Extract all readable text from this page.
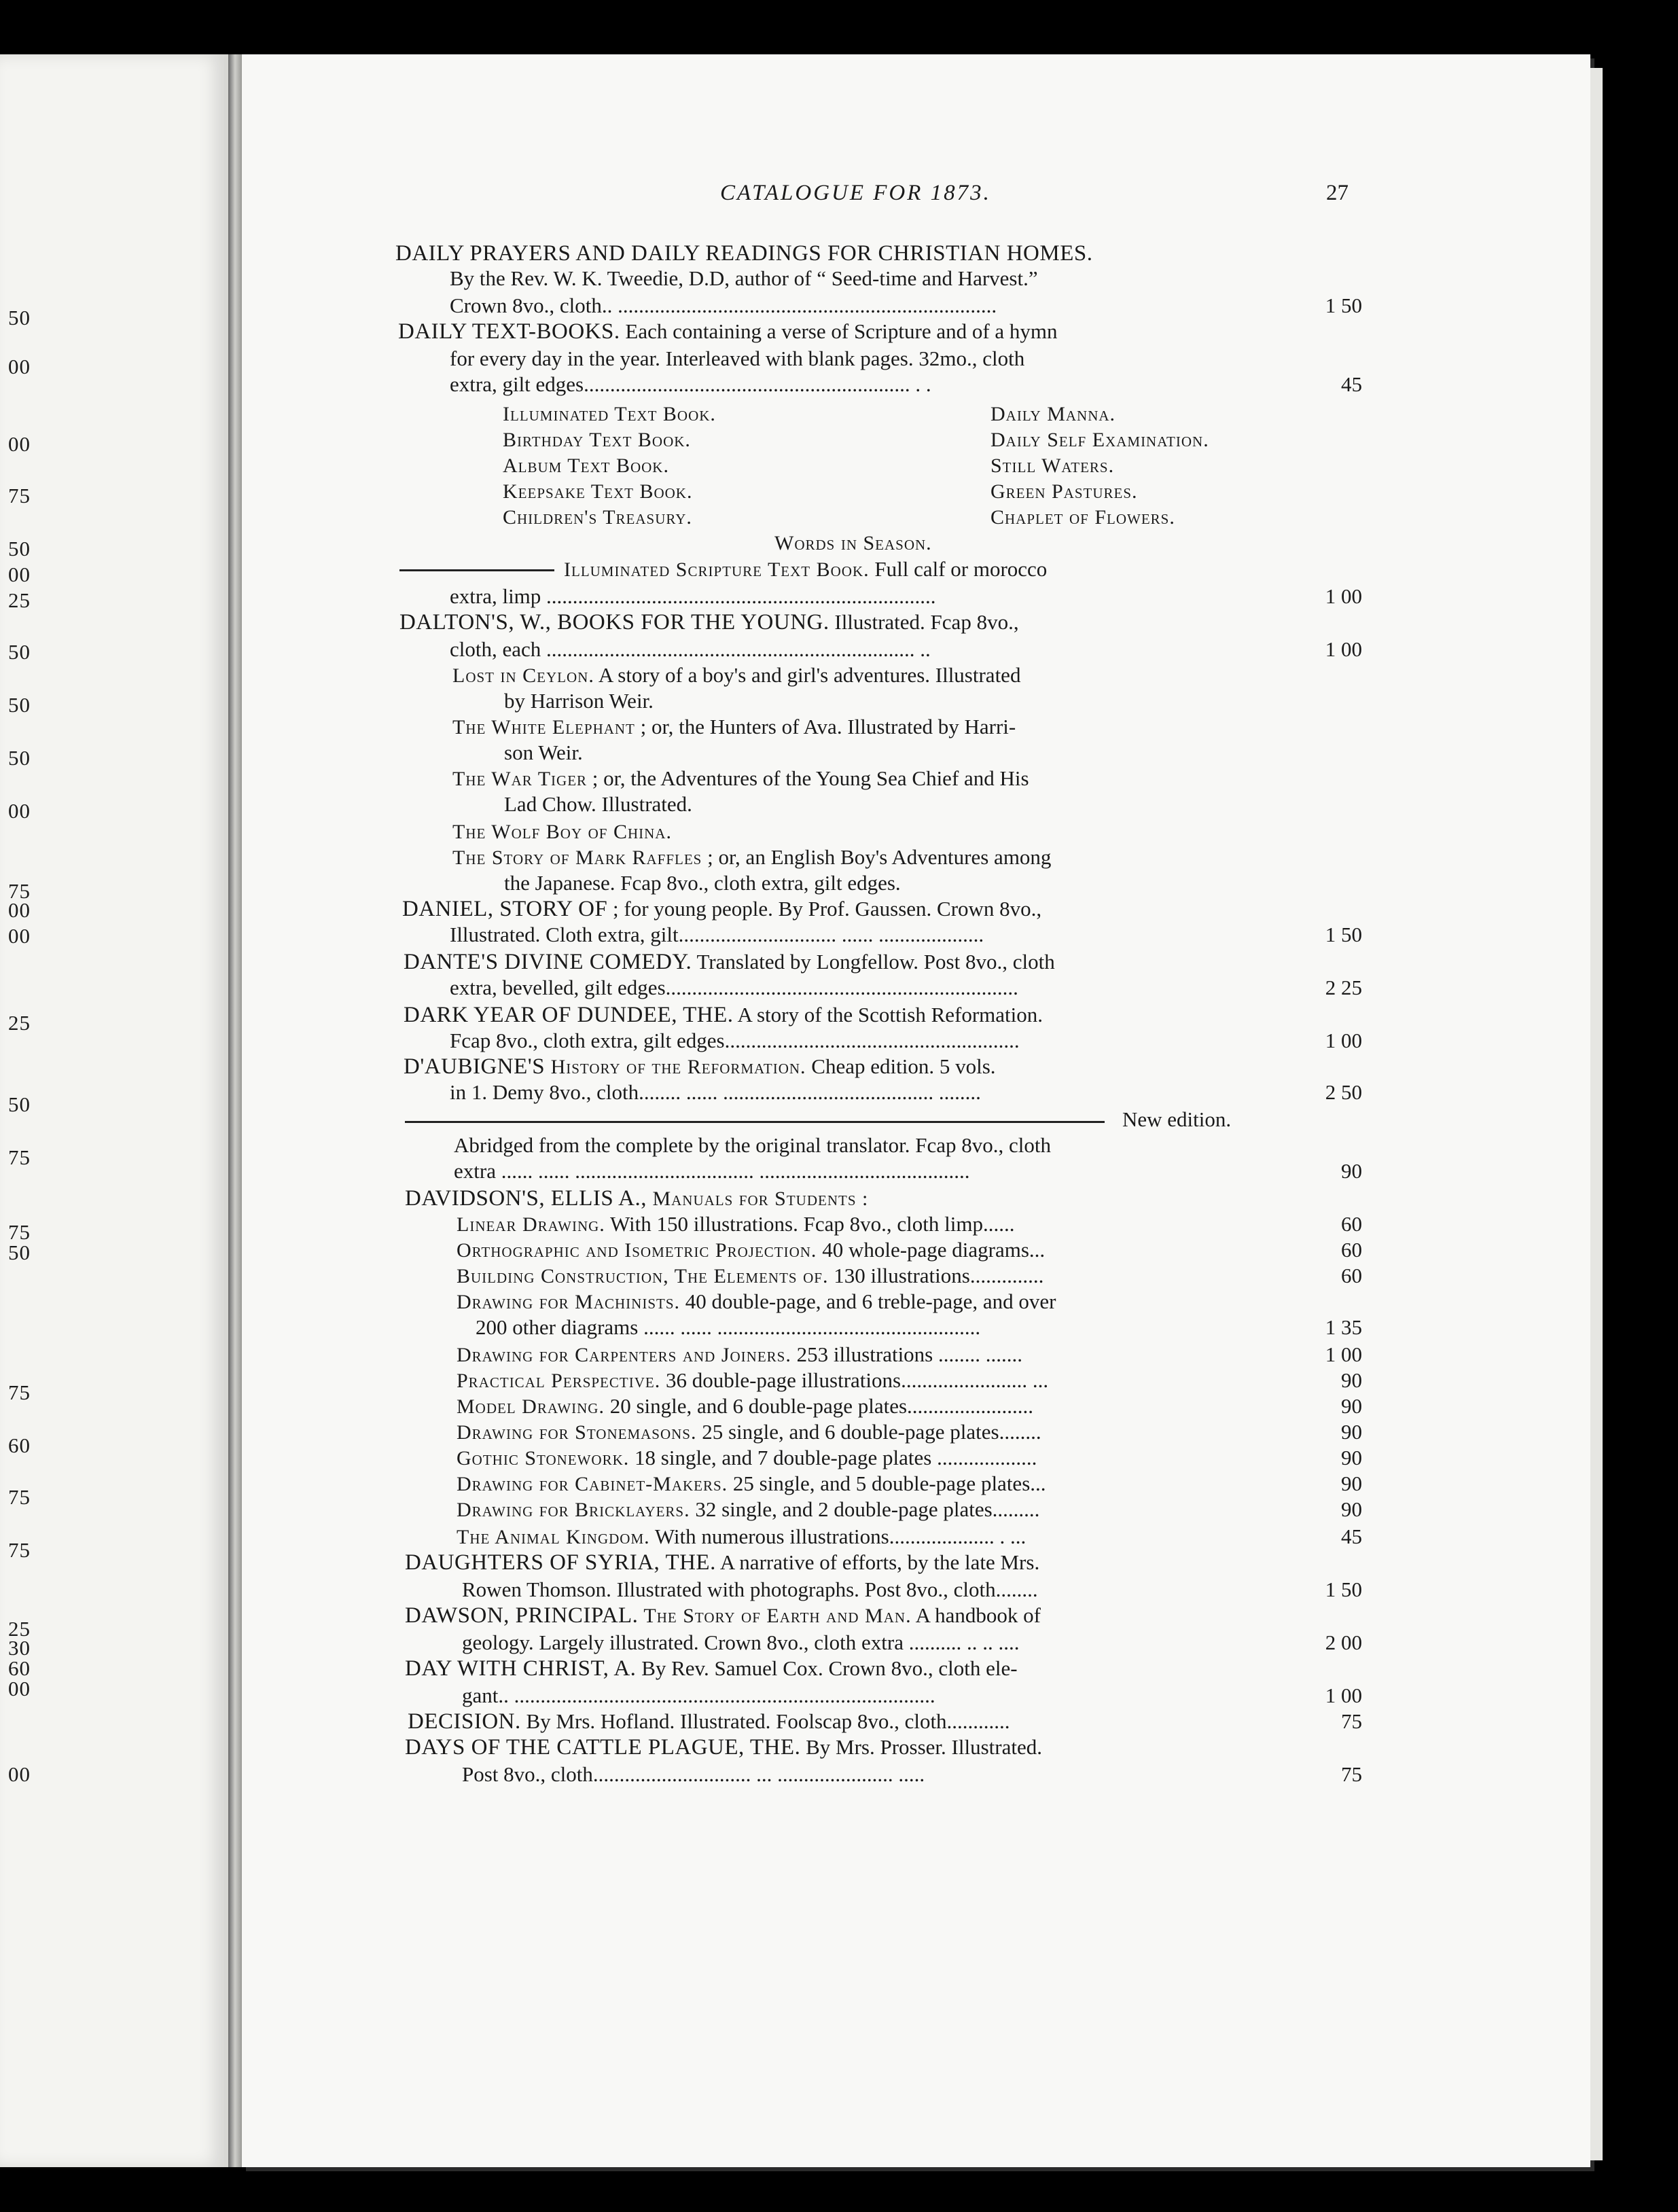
50
00
00
75
50
00
25
50
50
50
00
75
00
00
25
50
75
75
50
75
60
75
75
25
30
60
00
00
CATALOGUE FOR 1873.	27
DAILY PRAYERS AND DAILY READINGS FOR CHRISTIAN HOMES.
By the Rev. W. K. Tweedie, D.D, author of “ Seed-time and Harvest.”
Crown 8vo., cloth.. ........................................................................	1 50
DAILY TEXT-BOOKS. Each containing a verse of Scripture and of a hymn
for every day in the year. Interleaved with blank pages. 32mo., cloth
extra, gilt edges.............................................................. . .	45
Illuminated Text Book.	Daily Manna.
Birthday Text Book.	Daily Self Examination.
Album Text Book.	Still Waters.
Keepsake Text Book.	Green Pastures.
Children's Treasury.	Chaplet of Flowers.
Words in Season.
Illuminated Scripture Text Book. Full calf or morocco
extra, limp ..........................................................................	1 00
DALTON'S, W., BOOKS FOR THE YOUNG. Illustrated. Fcap 8vo.,
cloth, each ...................................................................... ..	1 00
Lost in Ceylon. A story of a boy's and girl's adventures. Illustrated
by Harrison Weir.
The White Elephant ; or, the Hunters of Ava. Illustrated by Harri-
son Weir.
The War Tiger ; or, the Adventures of the Young Sea Chief and His
Lad Chow. Illustrated.
The Wolf Boy of China.
The Story of Mark Raffles ; or, an English Boy's Adventures among
the Japanese. Fcap 8vo., cloth extra, gilt edges.
DANIEL, STORY OF ; for young people. By Prof. Gaussen. Crown 8vo.,
Illustrated. Cloth extra, gilt.............................. ...... ....................	1 50
DANTE'S DIVINE COMEDY. Translated by Longfellow. Post 8vo., cloth
extra, bevelled, gilt edges...................................................................	2 25
DARK YEAR OF DUNDEE, THE. A story of the Scottish Reformation.
Fcap 8vo., cloth extra, gilt edges........................................................	1 00
D'AUBIGNE'S History of the Reformation. Cheap edition. 5 vols.
in 1. Demy 8vo., cloth........ ...... ........................................ ........	2 50
New edition.
Abridged from the complete by the original translator. Fcap 8vo., cloth
extra ...... ...... .................................. ........................................	90
DAVIDSON'S, ELLIS A., Manuals for Students :
Linear Drawing. With 150 illustrations. Fcap 8vo., cloth limp......	60
Orthographic and Isometric Projection. 40 whole-page diagrams...	60
Building Construction, The Elements of. 130 illustrations..............	60
Drawing for Machinists. 40 double-page, and 6 treble-page, and over
200 other diagrams ...... ...... ..................................................	1 35
Drawing for Carpenters and Joiners. 253 illustrations ........ .......	1 00
Practical Perspective. 36 double-page illustrations........................ ...	90
Model Drawing. 20 single, and 6 double-page plates........................	90
Drawing for Stonemasons. 25 single, and 6 double-page plates........	90
Gothic Stonework. 18 single, and 7 double-page plates ...................	90
Drawing for Cabinet-Makers. 25 single, and 5 double-page plates...	90
Drawing for Bricklayers. 32 single, and 2 double-page plates.........	90
The Animal Kingdom. With numerous illustrations.................... . ...	45
DAUGHTERS OF SYRIA, THE. A narrative of efforts, by the late Mrs.
Rowen Thomson. Illustrated with photographs. Post 8vo., cloth........	1 50
DAWSON, PRINCIPAL. The Story of Earth and Man. A handbook of
geology. Largely illustrated. Crown 8vo., cloth extra .......... .. .. ....	2 00
DAY WITH CHRIST, A. By Rev. Samuel Cox. Crown 8vo., cloth ele-
gant.. ................................................................................	1 00
DECISION. By Mrs. Hofland. Illustrated. Foolscap 8vo., cloth............	75
DAYS OF THE CATTLE PLAGUE, THE. By Mrs. Prosser. Illustrated.
Post 8vo., cloth.............................. ... ...................... .....	75
